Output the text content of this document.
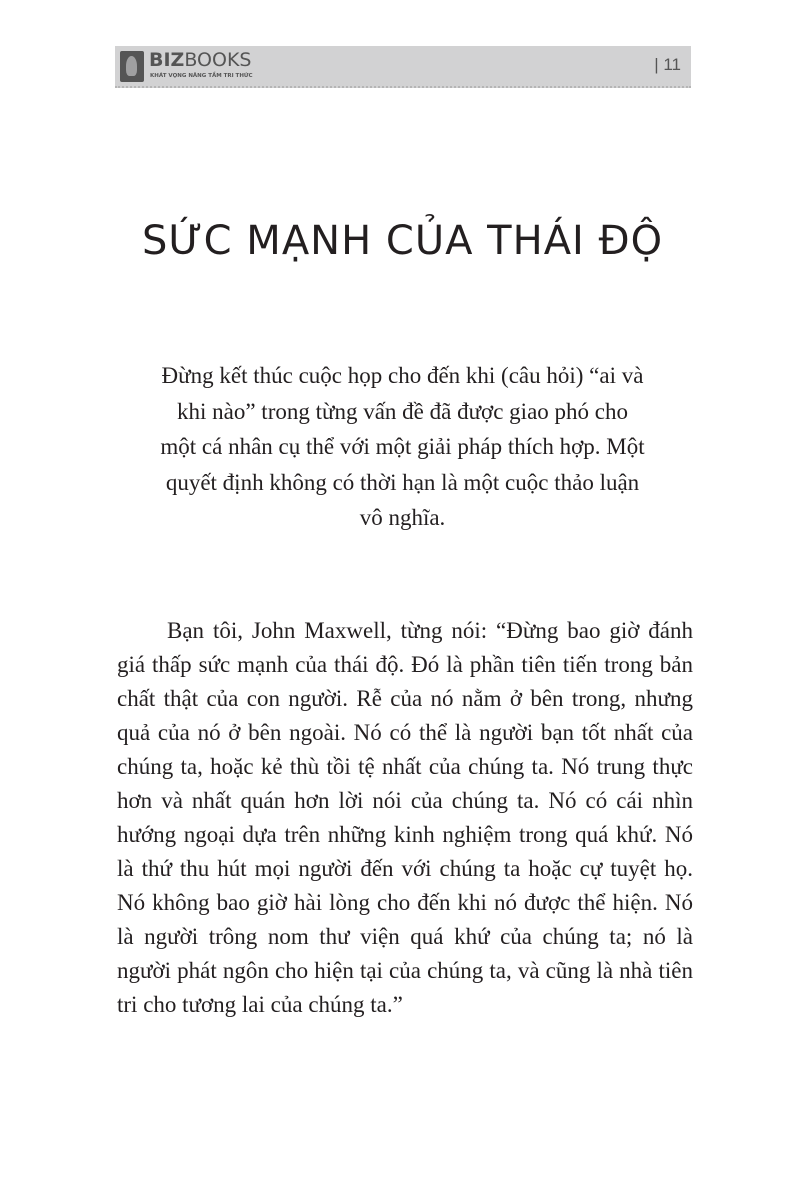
BIZBOOKS
KHÁT VỌNG NÂNG TẦM TRI THỨC
| 11
SỨC MẠNH CỦA THÁI ĐỘ
Đừng kết thúc cuộc họp cho đến khi (câu hỏi) “ai và khi nào” trong từng vấn đề đã được giao phó cho một cá nhân cụ thể với một giải pháp thích hợp. Một quyết định không có thời hạn là một cuộc thảo luận vô nghĩa.

Bạn tôi, John Maxwell, từng nói: “Đừng bao giờ đánh giá thấp sức mạnh của thái độ. Đó là phần tiên tiến trong bản chất thật của con người. Rễ của nó nằm ở bên trong, nhưng quả của nó ở bên ngoài. Nó có thể là người bạn tốt nhất của chúng ta, hoặc kẻ thù tồi tệ nhất của chúng ta. Nó trung thực hơn và nhất quán hơn lời nói của chúng ta. Nó có cái nhìn hướng ngoại dựa trên những kinh nghiệm trong quá khứ. Nó là thứ thu hút mọi người đến với chúng ta hoặc cự tuyệt họ. Nó không bao giờ hài lòng cho đến khi nó được thể hiện. Nó là người trông nom thư viện quá khứ của chúng ta; nó là người phát ngôn cho hiện tại của chúng ta, và cũng là nhà tiên tri cho tương lai của chúng ta.”
